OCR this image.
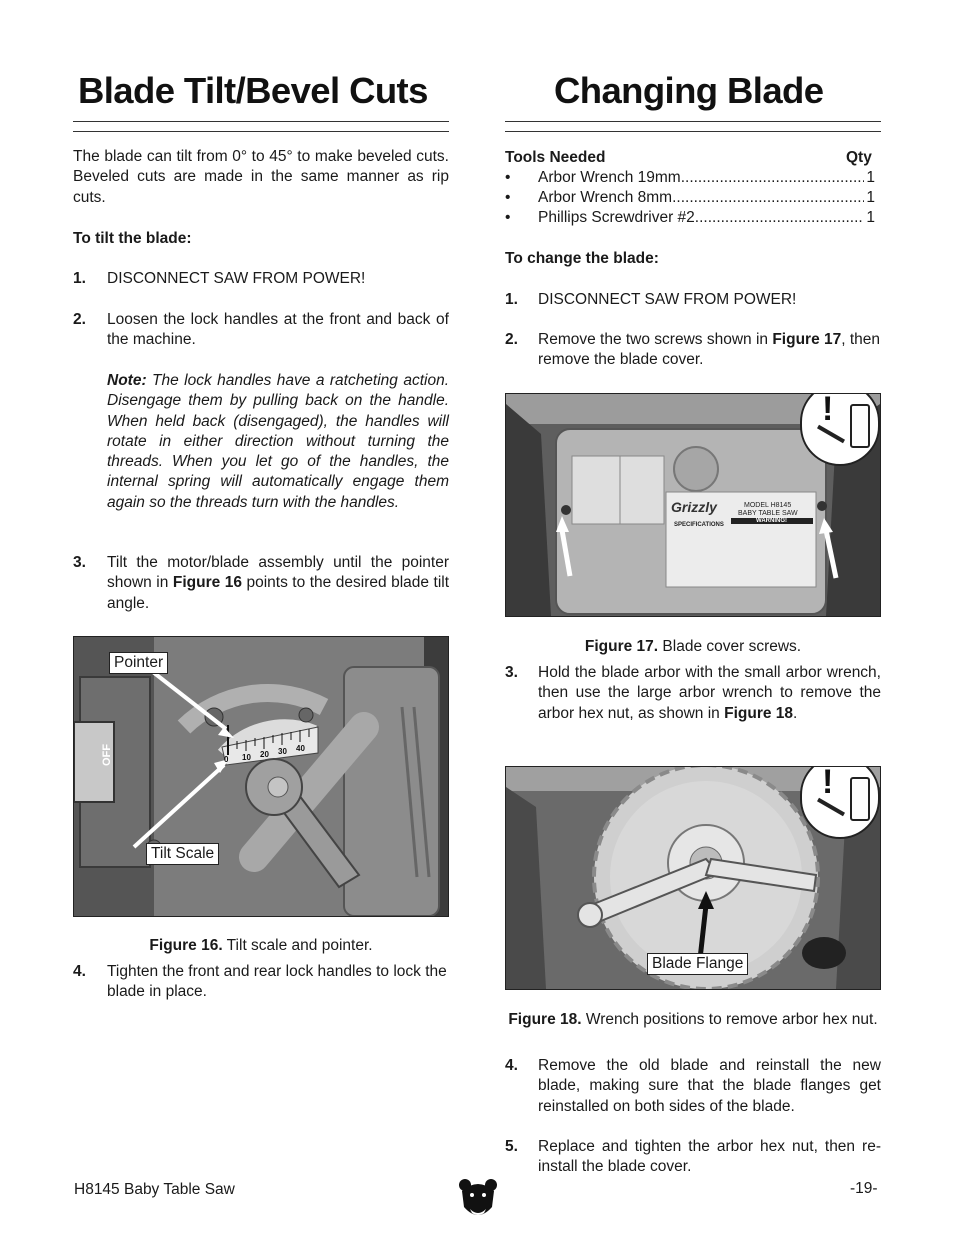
Blade Tilt/Bevel Cuts

The blade can tilt from 0° to 45° to make beveled cuts. Beveled cuts are made in the same manner as rip cuts.

To tilt the blade:

1. DISCONNECT SAW FROM POWER!

2. Loosen the lock handles at the front and back of the machine.

Note: The lock handles have a ratcheting action. Disengage them by pulling back on the handle. When held back (disengaged), the handles will rotate in either direction without turning the threads. When you let go of the handles, the internal spring will automatically engage them again so the threads turn with the handles.

3. Tilt the motor/blade assembly until the pointer shown in Figure 16 points to the desired blade tilt angle.

OFF	0 10 20 30 40
Pointer
Tilt Scale

Figure 16. Tilt scale and pointer.

4. Tighten the front and rear lock handles to lock the blade in place.

Changing Blade

Tools Needed	Qty

•	Arbor Wrench 19mm .....	1
•	Arbor Wrench 8mm .....	1
•	Phillips Screwdriver #2 .....	1

To change the blade:

1. DISCONNECT SAW FROM POWER!

2. Remove the two screws shown in Figure 17, then remove the blade cover.

Grizzly	MODEL H8145
BABY TABLE SAW
WARNING!
SPECIFICATIONS
!

Figure 17. Blade cover screws.

3. Hold the blade arbor with the small arbor wrench, then use the large arbor wrench to remove the arbor hex nut, as shown in Figure 18.

!
Blade Flange

Figure 18. Wrench positions to remove arbor hex nut.

4. Remove the old blade and reinstall the new blade, making sure that the blade flanges get reinstalled on both sides of the blade.

5. Replace and tighten the arbor hex nut, then re-install the blade cover.

H8145 Baby Table Saw	-19-
